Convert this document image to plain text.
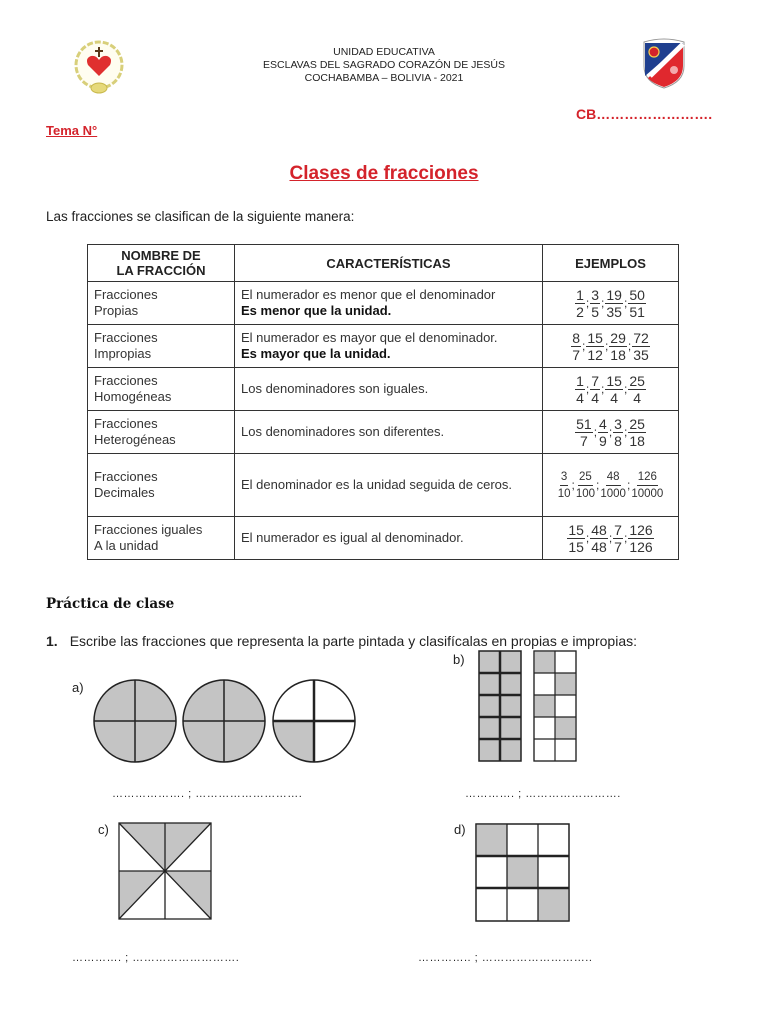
UNIDAD EDUCATIVA
ESCLAVAS DEL SAGRADO CORAZÓN DE JESÚS
COCHABAMBA – BOLIVIA - 2021
CB…………………….
Tema N°
Clases de fracciones
Las fracciones se clasifican de la siguiente manera:
NOMBRE DE
LA FRACCIÓN	CARACTERÍSTICAS	EJEMPLOS
Fracciones
Propias	El numerador es menor que el denominador
Es menor que la unidad.	$\frac{1}{2}$ ; $\frac{3}{5}$ ; $\frac{19}{35}$ ; $\frac{50}{51}$

Fracciones
Impropias	El numerador es mayor que el denominador.
Es mayor que la unidad.	$\frac{8}{7}$ ; $\frac{15}{12}$ ; $\frac{29}{18}$ ; $\frac{72}{35}$

Fracciones
Homogéneas	Los denominadores son iguales.	$\frac{1}{4}$ ; $\frac{7}{4}$ ; $\frac{15}{4}$ ; $\frac{25}{4}$

Fracciones
Heterogéneas	Los denominadores son diferentes.	$\frac{51}{7}$ ; $\frac{4}{9}$ ; $\frac{3}{8}$ ; $\frac{25}{18}$

Fracciones
Decimales	El denominador es la unidad seguida de ceros.	$\frac{3}{10}$ ; $\frac{25}{100}$ ; $\frac{48}{1000}$ ; $\frac{126}{10000}$

Fracciones iguales
A la unidad	El numerador es igual al denominador.	$\frac{15}{15}$ ; $\frac{48}{48}$ ; $\frac{7}{7}$ ; $\frac{126}{126}$
Práctica de clase
1. Escribe las fracciones que representa la parte pintada y clasifícalas en propias e impropias:
a)
………………. ; ……………………….
b)
…………. ; …………………….
c)
…………. ; ……………………….
d)
………….. ; ………………………..
